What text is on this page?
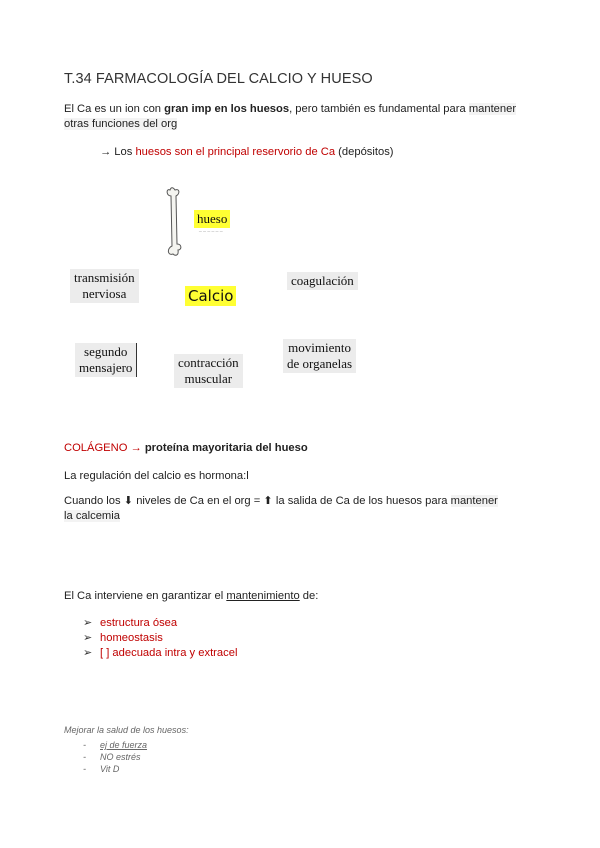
T.34 FARMACOLOGÍA DEL CALCIO Y HUESO
El Ca es un ion con gran imp en los huesos, pero también es fundamental para mantener
otras funciones del org
→ Los huesos son el principal reservorio de Ca (depósitos)
hueso
_ _ _ _ _ _
transmisión
nerviosa	Calcio
coagulación
segundo
mensajero	contracción
muscular
movimiento
de organelas
COLÁGENO → proteína mayoritaria del hueso
La regulación del calcio es hormona:l
Cuando los ⬇ niveles de Ca en el org = ⬆ la salida de Ca de los huesos para mantener
la calcemia
El Ca interviene en garantizar el mantenimiento de:
➢ estructura ósea
➢ homeostasis
➢ [ ] adecuada intra y extracel
Mejorar la salud de los huesos:
- ej de fuerza
- NO estrés
- Vit D
